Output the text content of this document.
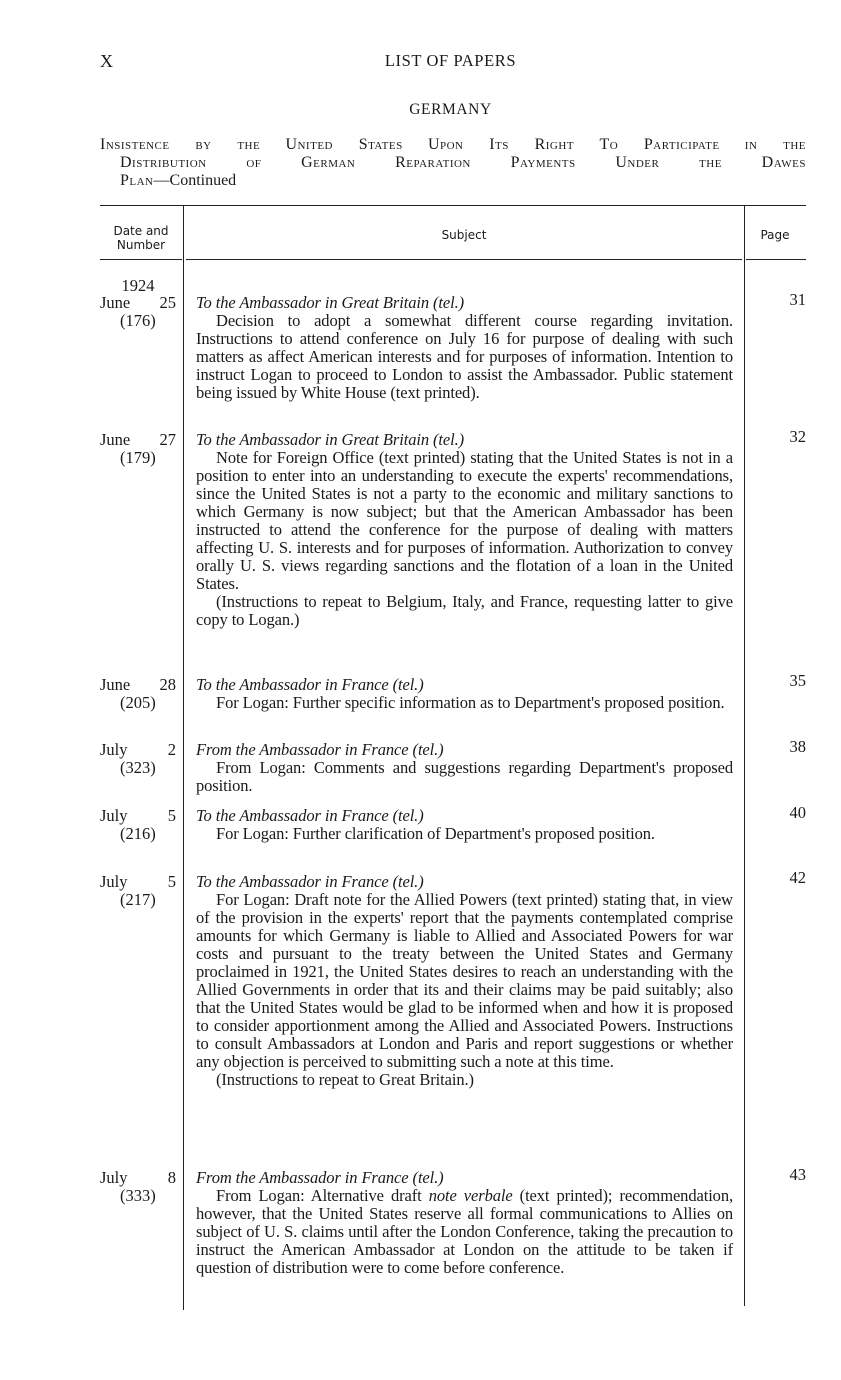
X	LIST OF PAPERS
GERMANY
Insistence by the United States Upon Its Right To Participate in the
Distribution of German Reparation Payments Under the Dawes
Plan—Continued
Date and
Number
Subject	Page
1924
June 25
(176)
To the Ambassador in Great Britain (tel.)

Decision to adopt a somewhat different course regarding invitation. Instructions to attend conference on July 16 for purpose of dealing with such matters as affect American interests and for purposes of information. Intention to instruct Logan to proceed to London to assist the Ambassador. Public statement being issued by White House (text printed).

31
June 27
(179)
To the Ambassador in Great Britain (tel.)

Note for Foreign Office (text printed) stating that the United States is not in a position to enter into an understanding to execute the experts' recommendations, since the United States is not a party to the economic and military sanctions to which Germany is now subject; but that the American Ambassador has been instructed to attend the conference for the purpose of dealing with matters affecting U. S. interests and for purposes of information. Authorization to convey orally U. S. views regarding sanctions and the flotation of a loan in the United States.

(Instructions to repeat to Belgium, Italy, and France, requesting latter to give copy to Logan.)

32
June 28
(205)
To the Ambassador in France (tel.)

For Logan: Further specific information as to Department's proposed position.

35
July 2
(323)
From the Ambassador in France (tel.)

From Logan: Comments and suggestions regarding Department's proposed position.

38
July 5
(216)
To the Ambassador in France (tel.)

For Logan: Further clarification of Department's proposed position.

40
July 5
(217)
To the Ambassador in France (tel.)

For Logan: Draft note for the Allied Powers (text printed) stating that, in view of the provision in the experts' report that the payments contemplated comprise amounts for which Germany is liable to Allied and Associated Powers for war costs and pursuant to the treaty between the United States and Germany proclaimed in 1921, the United States desires to reach an understanding with the Allied Governments in order that its and their claims may be paid suitably; also that the United States would be glad to be informed when and how it is proposed to consider apportionment among the Allied and Associated Powers. Instructions to consult Ambassadors at London and Paris and report suggestions or whether any objection is perceived to submitting such a note at this time.

(Instructions to repeat to Great Britain.)

42
July 8
(333)
From the Ambassador in France (tel.)

From Logan: Alternative draft note verbale (text printed); recommendation, however, that the United States reserve all formal communications to Allies on subject of U. S. claims until after the London Conference, taking the precaution to instruct the American Ambassador at London on the attitude to be taken if question of distribution were to come before conference.

43
